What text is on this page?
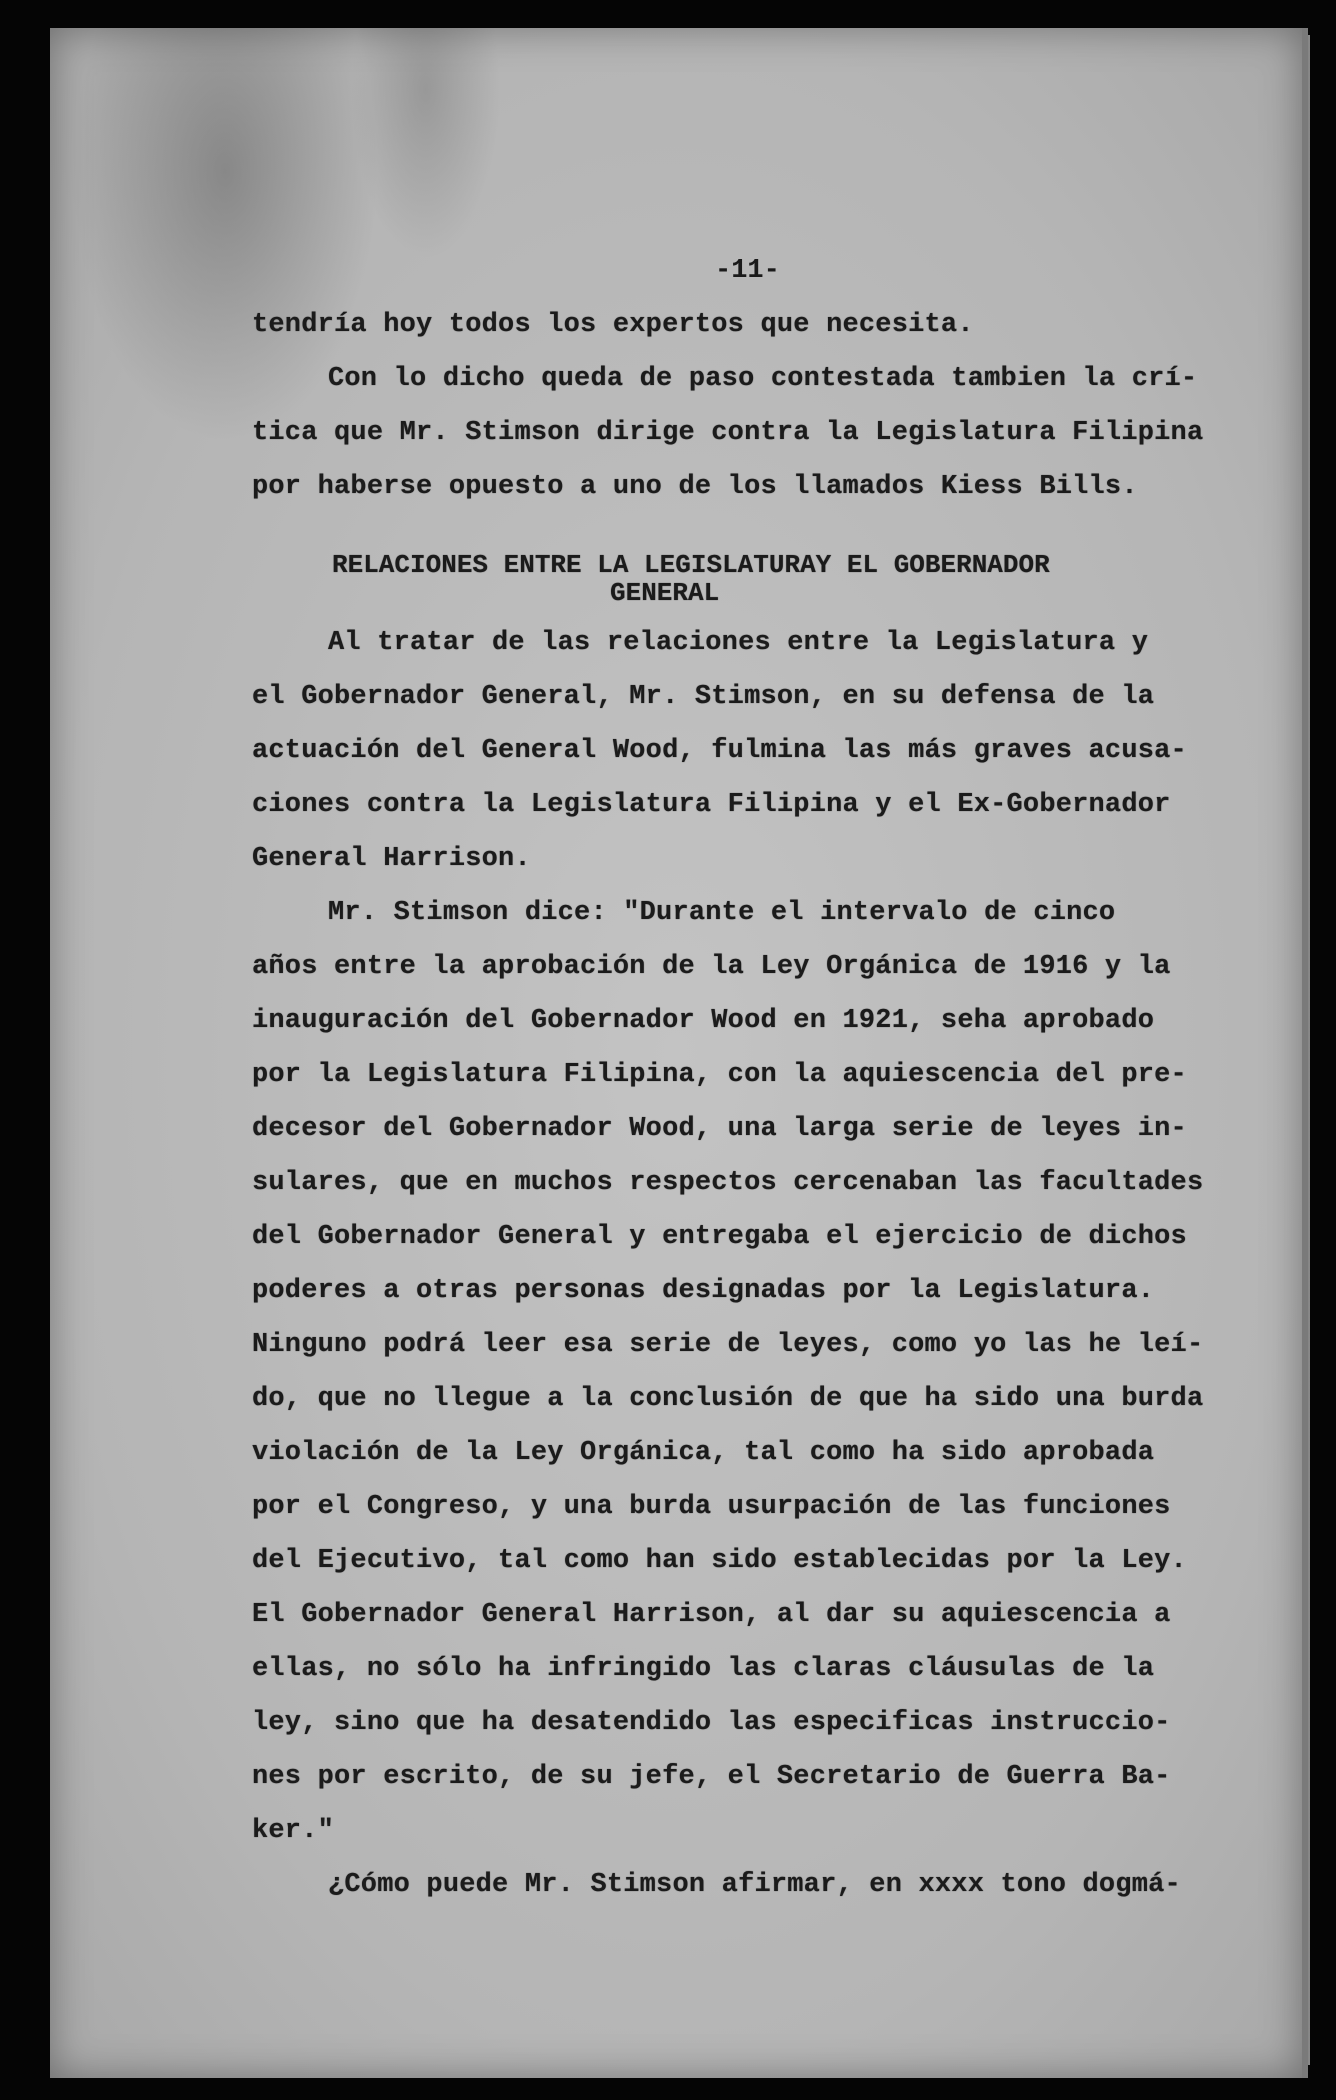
-11-
tendría hoy todos los expertos que necesita.
Con lo dicho queda de paso contestada tambien la crí-
tica que Mr. Stimson dirige contra la Legislatura Filipina
por haberse opuesto a uno de los llamados Kiess Bills.
RELACIONES ENTRE LA LEGISLATURAY EL GOBERNADOR
GENERAL
Al tratar de las relaciones entre la Legislatura y
el Gobernador General, Mr. Stimson, en su defensa de la
actuación del General Wood, fulmina las más graves acusa-
ciones contra la Legislatura Filipina y el Ex-Gobernador
General Harrison.
Mr. Stimson dice: "Durante el intervalo de cinco
años entre la aprobación de la Ley Orgánica de 1916 y la
inauguración del Gobernador Wood en 1921, seha aprobado
por la Legislatura Filipina, con la aquiescencia del pre-
decesor del Gobernador Wood, una larga serie de leyes in-
sulares, que en muchos respectos cercenaban las facultades
del Gobernador General y entregaba el ejercicio de dichos
poderes a otras personas designadas por la Legislatura.
Ninguno podrá leer esa serie de leyes, como yo las he leí-
do, que no llegue a la conclusión de que ha sido una burda
violación de la Ley Orgánica, tal como ha sido aprobada
por el Congreso, y una burda usurpación de las funciones
del Ejecutivo, tal como han sido establecidas por la Ley.
El Gobernador General Harrison, al dar su aquiescencia a
ellas, no sólo ha infringido las claras cláusulas de la
ley, sino que ha desatendido las especificas instruccio-
nes por escrito, de su jefe, el Secretario de Guerra Ba-
ker."
¿Cómo puede Mr. Stimson afirmar, en xxxx tono dogmá-
